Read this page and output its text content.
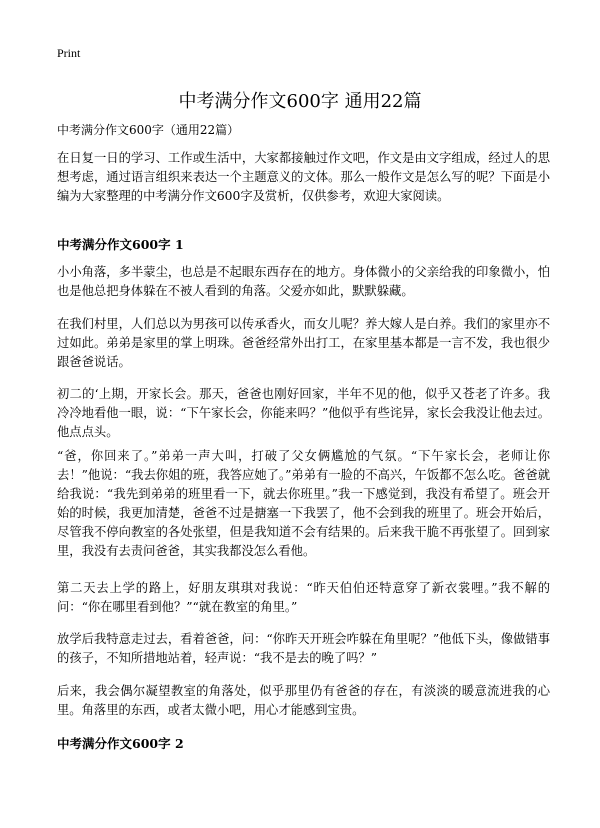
Print
中考满分作文600字 通用22篇
中考满分作文600字（通用22篇）

在日复一日的学习、工作或生活中，大家都接触过作文吧，作文是由文字组成，经过人的思想考虑，通过语言组织来表达一个主题意义的文体。那么一般作文是怎么写的呢？下面是小编为大家整理的中考满分作文600字及赏析，仅供参考，欢迎大家阅读。

中考满分作文600字 1

小小角落，多半蒙尘，也总是不起眼东西存在的地方。身体微小的父亲给我的印象微小，怕也是他总把身体躲在不被人看到的角落。父爱亦如此，默默躲藏。

在我们村里，人们总以为男孩可以传承香火，而女儿呢？养大嫁人是白养。我们的家里亦不过如此。弟弟是家里的掌上明珠。爸爸经常外出打工，在家里基本都是一言不发，我也很少跟爸爸说话。

初二的‘上期，开家长会。那天，爸爸也刚好回家，半年不见的他，似乎又苍老了许多。我冷冷地看他一眼，说：“下午家长会，你能来吗？”他似乎有些诧异，家长会我没让他去过。他点点头。

“爸，你回来了。”弟弟一声大叫，打破了父女俩尴尬的气氛。“下午家长会，老师让你去！”他说：“我去你姐的班，我答应她了。”弟弟有一脸的不高兴，午饭都不怎么吃。爸爸就给我说：“我先到弟弟的班里看一下，就去你班里。”我一下感觉到，我没有希望了。班会开始的时候，我更加清楚，爸爸不过是搪塞一下我罢了，他不会到我的班里了。班会开始后，尽管我不停向教室的各处张望，但是我知道不会有结果的。后来我干脆不再张望了。回到家里，我没有去责问爸爸，其实我都没怎么看他。

第二天去上学的路上，好朋友琪琪对我说：“昨天伯伯还特意穿了新衣裳哩。”我不解的问：“你在哪里看到他？”“就在教室的角里。”

放学后我特意走过去，看着爸爸，问：“你昨天开班会咋躲在角里呢？”他低下头，像做错事的孩子，不知所措地站着，轻声说：“我不是去的晚了吗？”

后来，我会偶尔凝望教室的角落处，似乎那里仍有爸爸的存在，有淡淡的暖意流进我的心里。角落里的东西，或者太微小吧，用心才能感到宝贵。

中考满分作文600字 2
